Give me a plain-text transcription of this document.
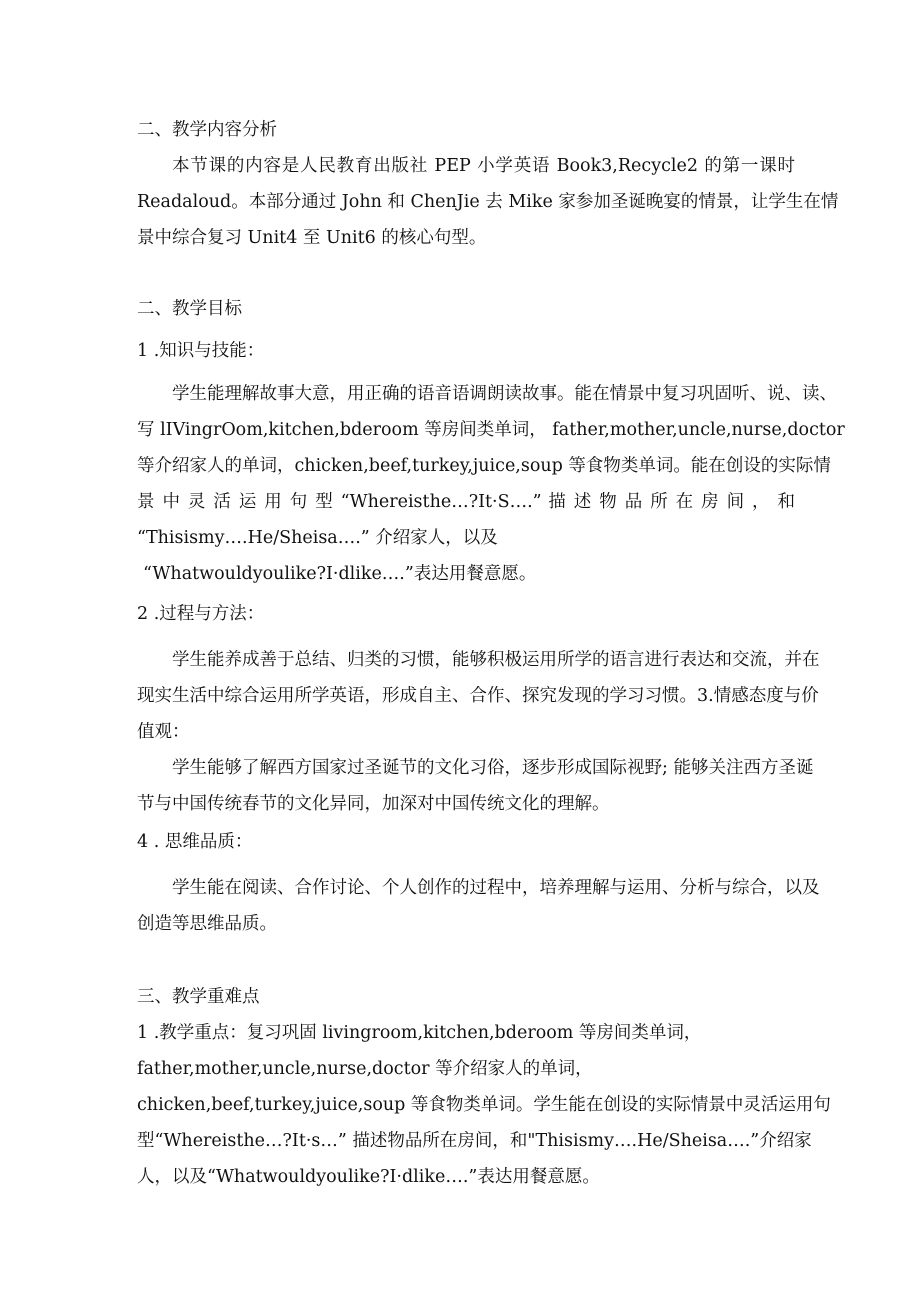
二、教学内容分析
本节课的内容是人民教育出版社 PEP 小学英语 Book3,Recycle2 的第一课时
Readaloud。本部分通过 John 和 ChenJie 去 Mike 家参加圣诞晚宴的情景，让学生在情
景中综合复习 Unit4 至 Unit6 的核心句型。
二、教学目标
1 .知识与技能：
学生能理解故事大意，用正确的语音语调朗读故事。能在情景中复习巩固听、说、读、
写 lIVingrOom,kitchen,bderoom 等房间类单词， father,mother,uncle,nurse,doctor
等介绍家人的单词，chicken,beef,turkey,juice,soup 等食物类单词。能在创设的实际情
景 中 灵 活 运 用 句 型 “Whereisthe…?It·S….” 描 述 物 品 所 在 房 间 ， 和
“Thisismy….He/Sheisa….” 介绍家人，以及
“Whatwouldyoulike?I·dlike….”表达用餐意愿。
2 .过程与方法：
学生能养成善于总结、归类的习惯，能够积极运用所学的语言进行表达和交流，并在
现实生活中综合运用所学英语，形成自主、合作、探究发现的学习习惯。3.情感态度与价
值观：
学生能够了解西方国家过圣诞节的文化习俗，逐步形成国际视野; 能够关注西方圣诞
节与中国传统春节的文化异同，加深对中国传统文化的理解。
4 . 思维品质：
学生能在阅读、合作讨论、个人创作的过程中，培养理解与运用、分析与综合，以及
创造等思维品质。
三、教学重难点
1 .教学重点：复习巩固 livingroom,kitchen,bderoom 等房间类单词，
father,mother,uncle,nurse,doctor 等介绍家人的单词，
chicken,beef,turkey,juice,soup 等食物类单词。学生能在创设的实际情景中灵活运用句
型“Whereisthe…?It·s…” 描述物品所在房间，和"Thisismy….He/Sheisa….”介绍家
人，以及“Whatwouldyoulike?I·dlike….”表达用餐意愿。
